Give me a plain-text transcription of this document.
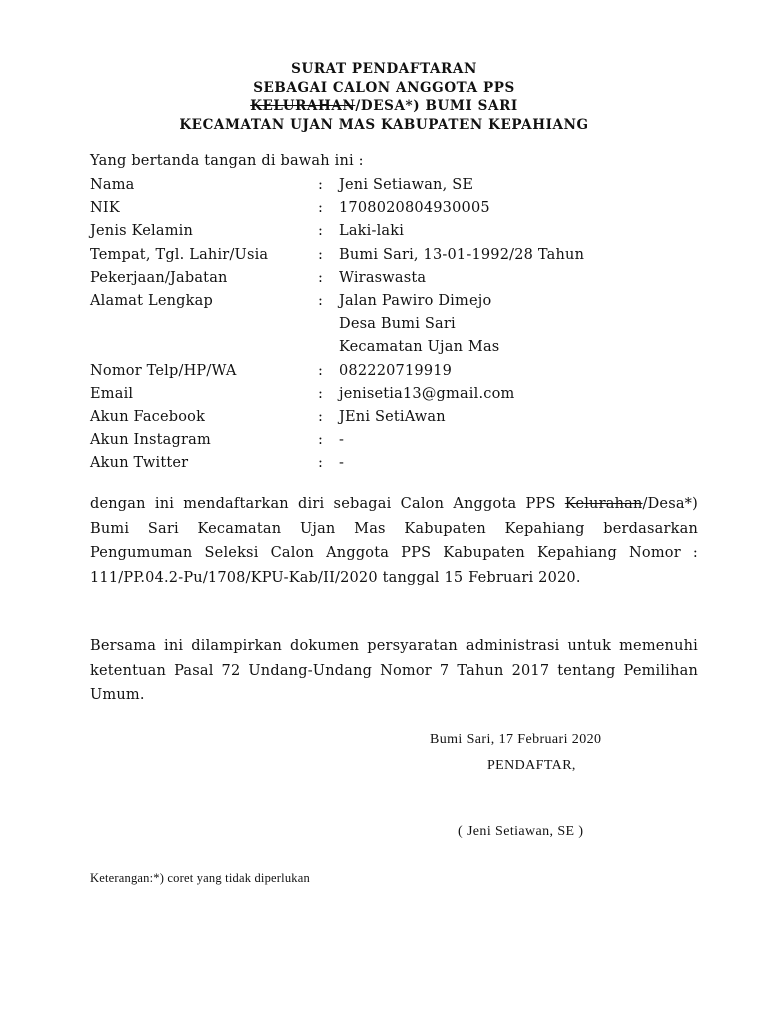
SURAT PENDAFTARAN
SEBAGAI CALON ANGGOTA PPS
KELURAHAN/DESA*) BUMI SARI
KECAMATAN UJAN MAS KABUPATEN KEPAHIANG
Yang bertanda tangan di bawah ini :
Nama	: Jeni Setiawan, SE
NIK	: 1708020804930005
Jenis Kelamin	: Laki-laki
Tempat, Tgl. Lahir/Usia	: Bumi Sari, 13-01-1992/28 Tahun
Pekerjaan/Jabatan	: Wiraswasta
Alamat Lengkap	: Jalan Pawiro Dimejo
Desa Bumi Sari
Kecamatan Ujan Mas
Nomor Telp/HP/WA	: 082220719919
Email	: jenisetia13@gmail.com
Akun Facebook	: JEni SetiAwan
Akun Instagram	: -
Akun Twitter	: -
dengan ini mendaftarkan diri sebagai Calon Anggota PPS Kelurahan/Desa*) Bumi Sari Kecamatan Ujan Mas Kabupaten Kepahiang berdasarkan Pengumuman Seleksi Calon Anggota PPS Kabupaten Kepahiang Nomor : 111/PP.04.2-Pu/1708/KPU-Kab/II/2020 tanggal 15 Februari 2020.
Bersama ini dilampirkan dokumen persyaratan administrasi untuk memenuhi ketentuan Pasal 72 Undang-Undang Nomor 7 Tahun 2017 tentang Pemilihan Umum.
Bumi Sari, 17 Februari 2020
PENDAFTAR,
( Jeni Setiawan, SE )
Keterangan:*) coret yang tidak diperlukan
